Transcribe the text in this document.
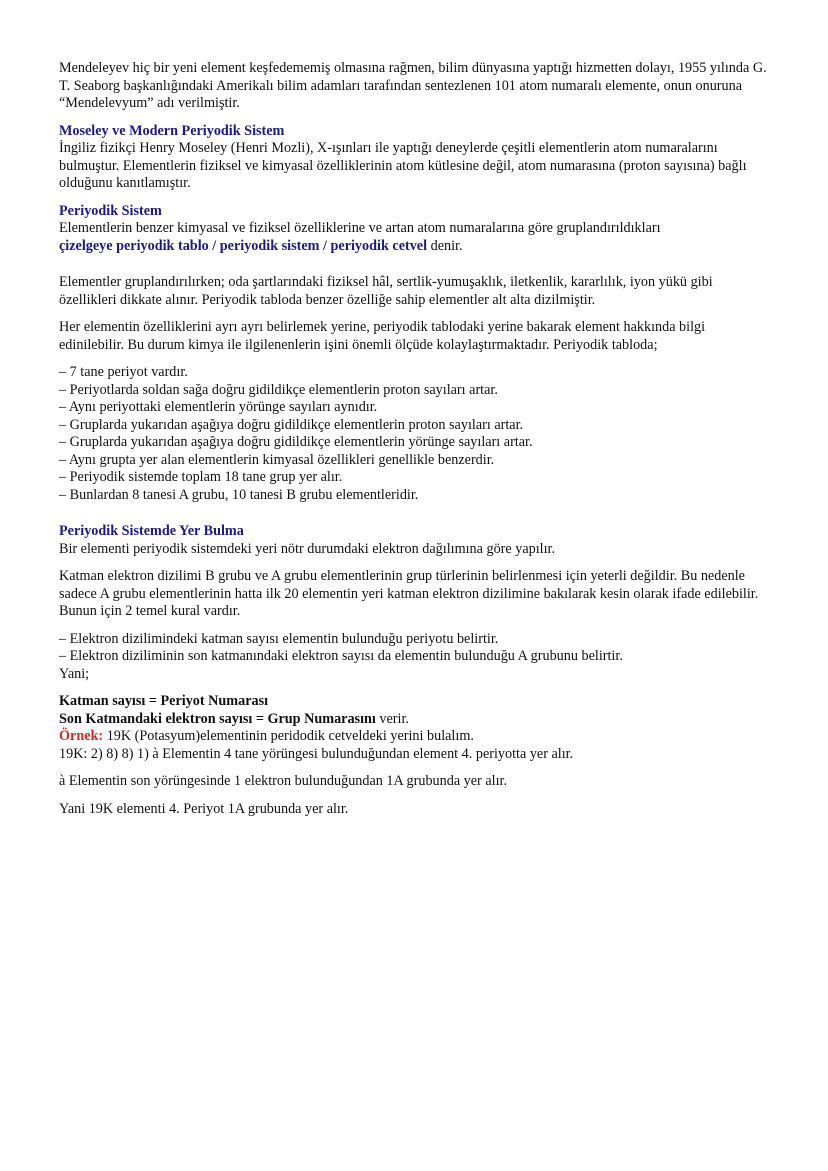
Mendeleyev hiç bir yeni element keşfedememiş olmasına rağmen, bilim dünyasına yaptığı hizmetten dolayı, 1955 yılında G. T. Seaborg başkanlığındaki Amerikalı bilim adamları tarafından sentezlenen 101 atom numaralı elemente, onun onuruna “Mendelevyum” adı verilmiştir.

Moseley ve Modern Periyodik Sistem

İngiliz fizikçi Henry Moseley (Henri Mozli), X-ışınları ile yaptığı deneylerde çeşitli elementlerin atom numaralarını bulmuştur. Elementlerin fiziksel ve kimyasal özelliklerinin atom kütlesine değil, atom numarasına (proton sayısına) bağlı olduğunu kanıtlamıştır.

Periyodik Sistem

Elementlerin benzer kimyasal ve fiziksel özelliklerine ve artan atom numaralarına göre gruplandırıldıkları
çizelgeye periyodik tablo / periyodik sistem / periyodik cetvel denir.

Elementler gruplandırılırken; oda şartlarındaki fiziksel hâl, sertlik-yumuşaklık, iletkenlik, kararlılık, iyon yükü gibi özellikleri dikkate alınır. Periyodik tabloda benzer özelliğe sahip elementler alt alta dizilmiştir.

Her elementin özelliklerini ayrı ayrı belirlemek yerine, periyodik tablodaki yerine bakarak element hakkında bilgi edinilebilir. Bu durum kimya ile ilgilenenlerin işini önemli ölçüde kolaylaştırmaktadır. Periyodik tabloda;

– 7 tane periyot vardır.
– Periyotlarda soldan sağa doğru gidildikçe elementlerin proton sayıları artar.
– Aynı periyottaki elementlerin yörünge sayıları aynıdır.
– Gruplarda yukarıdan aşağıya doğru gidildikçe elementlerin proton sayıları artar.
– Gruplarda yukarıdan aşağıya doğru gidildikçe elementlerin yörünge sayıları artar.
– Aynı grupta yer alan elementlerin kimyasal özellikleri genellikle benzerdir.
– Periyodik sistemde toplam 18 tane grup yer alır.
– Bunlardan 8 tanesi A grubu, 10 tanesi B grubu elementleridir.

Periyodik Sistemde Yer Bulma

Bir elementi periyodik sistemdeki yeri nötr durumdaki elektron dağılımına göre yapılır.

Katman elektron dizilimi B grubu ve A grubu elementlerinin grup türlerinin belirlenmesi için yeterli değildir. Bu nedenle sadece A grubu elementlerinin hatta ilk 20 elementin yeri katman elektron dizilimine bakılarak kesin olarak ifade edilebilir. Bunun için 2 temel kural vardır.

– Elektron dizilimindeki katman sayısı elementin bulunduğu periyotu belirtir.
– Elektron diziliminin son katmanındaki elektron sayısı da elementin bulunduğu A grubunu belirtir.

Yani;

Katman sayısı = Periyot Numarası

Son Katmandaki elektron sayısı = Grup Numarasını verir.

Örnek: 19K (Potasyum)elementinin peridodik cetveldeki yerini bulalım.

19K: 2) 8) 8) 1) à Elementin 4 tane yörüngesi bulunduğundan element 4. periyotta yer alır.

à Elementin son yörüngesinde 1 elektron bulunduğundan 1A grubunda yer alır.

Yani 19K elementi 4. Periyot 1A grubunda yer alır.
